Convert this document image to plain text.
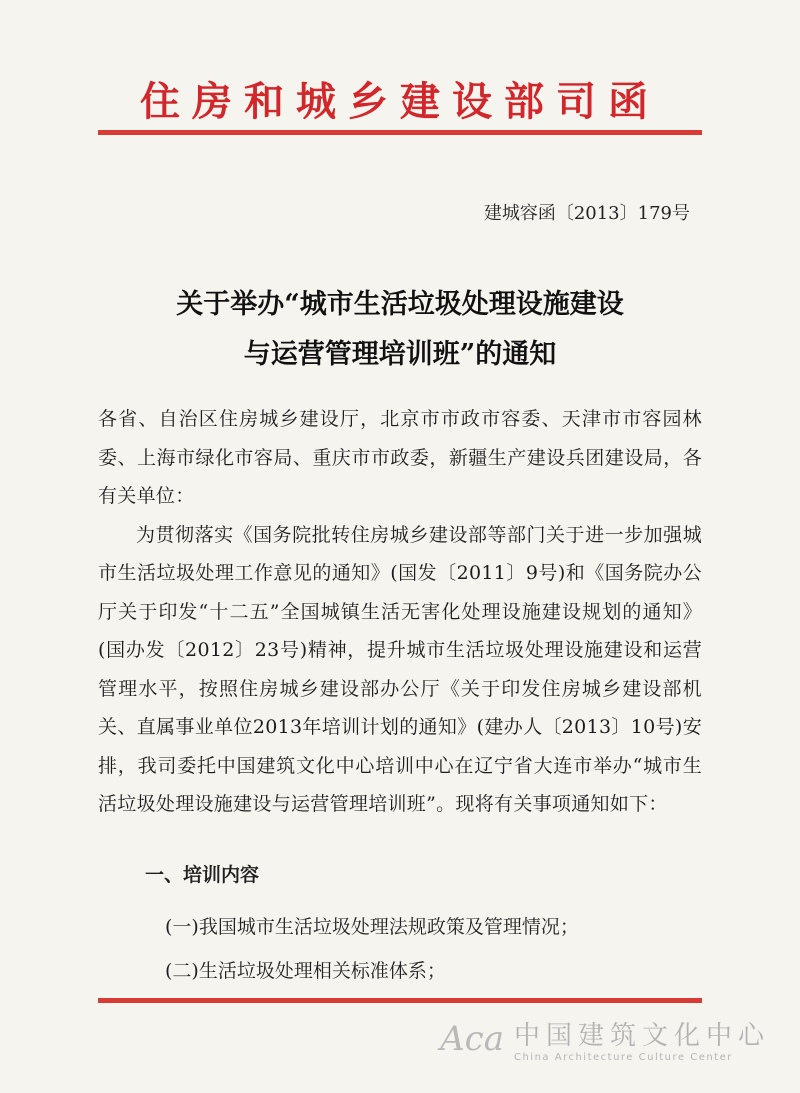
住房和城乡建设部司函
建城容函〔2013〕179号
关于举办“城市生活垃圾处理设施建设
与运营管理培训班”的通知

各省、自治区住房城乡建设厅，北京市市政市容委、天津市市容园林委、上海市绿化市容局、重庆市市政委，新疆生产建设兵团建设局，各有关单位：

为贯彻落实《国务院批转住房城乡建设部等部门关于进一步加强城市生活垃圾处理工作意见的通知》(国发〔2011〕9号)和《国务院办公厅关于印发“十二五”全国城镇生活无害化处理设施建设规划的通知》(国办发〔2012〕23号)精神，提升城市生活垃圾处理设施建设和运营管理水平，按照住房城乡建设部办公厅《关于印发住房城乡建设部机关、直属事业单位2013年培训计划的通知》(建办人〔2013〕10号)安排，我司委托中国建筑文化中心培训中心在辽宁省大连市举办“城市生活垃圾处理设施建设与运营管理培训班”。现将有关事项通知如下：

一、培训内容
(一)我国城市生活垃圾处理法规政策及管理情况；
(二)生活垃圾处理相关标准体系；
Aca 中国建筑文化中心
China Architecture Culture Center
